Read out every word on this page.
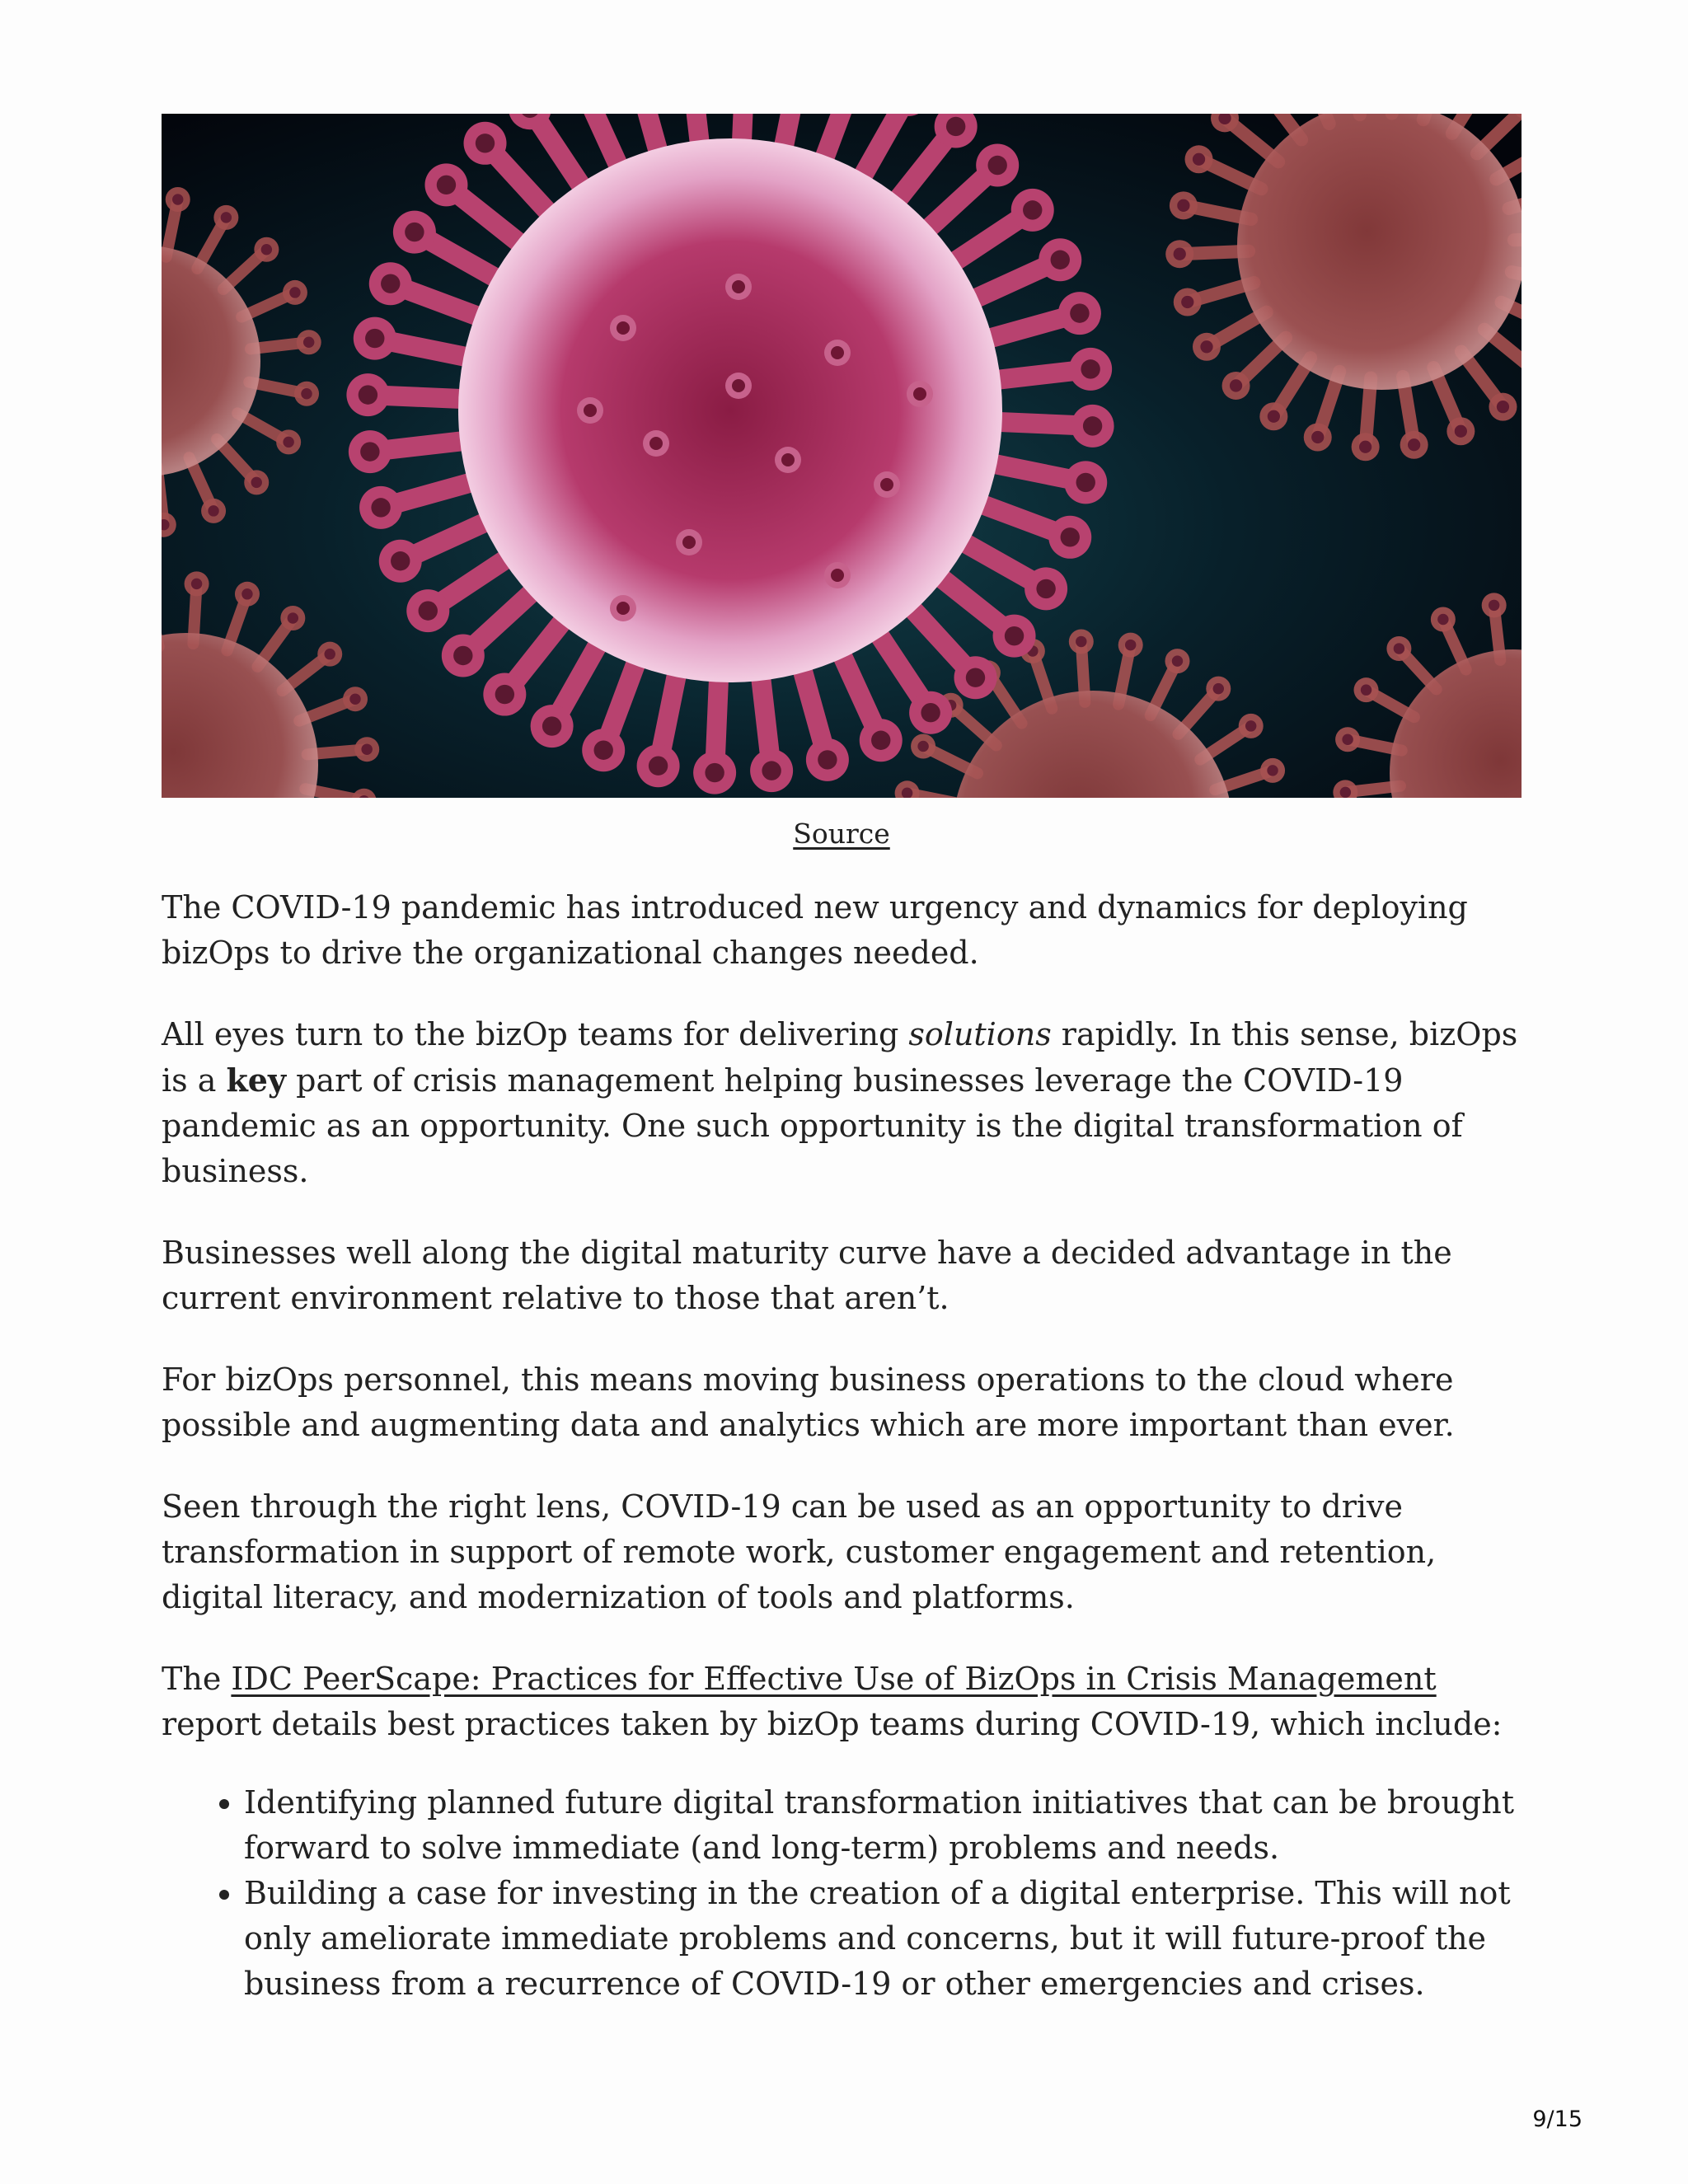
Source

The COVID-19 pandemic has introduced new urgency and dynamics for deploying bizOps to drive the organizational changes needed.

All eyes turn to the bizOp teams for delivering solutions rapidly. In this sense, bizOps is a key part of crisis management helping businesses leverage the COVID-19 pandemic as an opportunity. One such opportunity is the digital transformation of business.

Businesses well along the digital maturity curve have a decided advantage in the current environment relative to those that aren’t.

For bizOps personnel, this means moving business operations to the cloud where possible and augmenting data and analytics which are more important than ever.

Seen through the right lens, COVID-19 can be used as an opportunity to drive transformation in support of remote work, customer engagement and retention, digital literacy, and modernization of tools and platforms.

The IDC PeerScape: Practices for Effective Use of BizOps in Crisis Management report details best practices taken by bizOp teams during COVID-19, which include:

• Identifying planned future digital transformation initiatives that can be brought forward to solve immediate (and long-term) problems and needs.
• Building a case for investing in the creation of a digital enterprise. This will not only ameliorate immediate problems and concerns, but it will future-proof the business from a recurrence of COVID-19 or other emergencies and crises.
9/15
